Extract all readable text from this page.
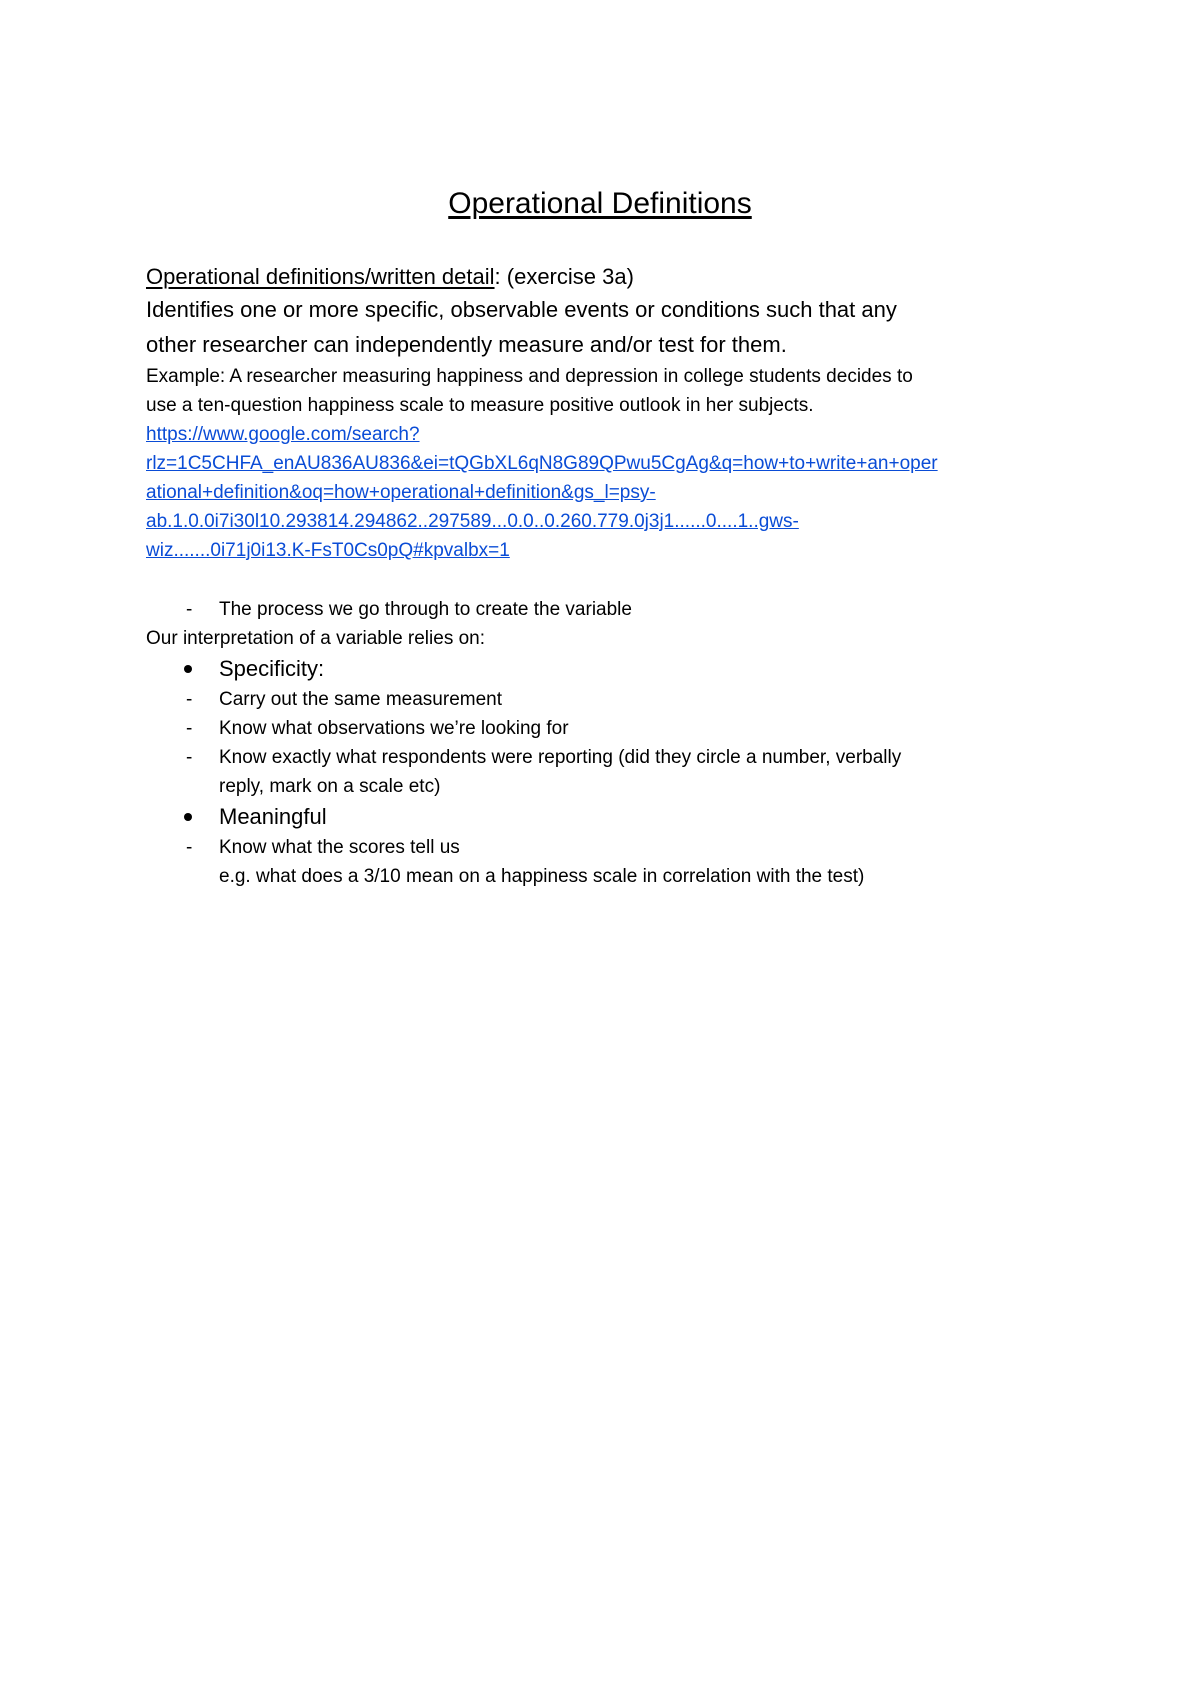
Operational Definitions
Operational definitions/written detail: (exercise 3a)
Identifies one or more specific, observable events or conditions such that any
other researcher can independently measure and/or test for them.
Example: A researcher measuring happiness and depression in college students decides to
use a ten-question happiness scale to measure positive outlook in her subjects.
https://www.google.com/search?
rlz=1C5CHFA_enAU836AU836&ei=tQGbXL6qN8G89QPwu5CgAg&q=how+to+write+an+oper
ational+definition&oq=how+operational+definition&gs_l=psy-
ab.1.0.0i7i30l10.293814.294862..297589...0.0..0.260.779.0j3j1......0....1..gws-
wiz.......0i71j0i13.K-FsT0Cs0pQ#kpvalbx=1
- The process we go through to create the variable
Our interpretation of a variable relies on:
Specificity:
- Carry out the same measurement
- Know what observations we’re looking for
- Know exactly what respondents were reporting (did they circle a number, verbally
reply, mark on a scale etc)
Meaningful
- Know what the scores tell us
e.g. what does a 3/10 mean on a happiness scale in correlation with the test)
